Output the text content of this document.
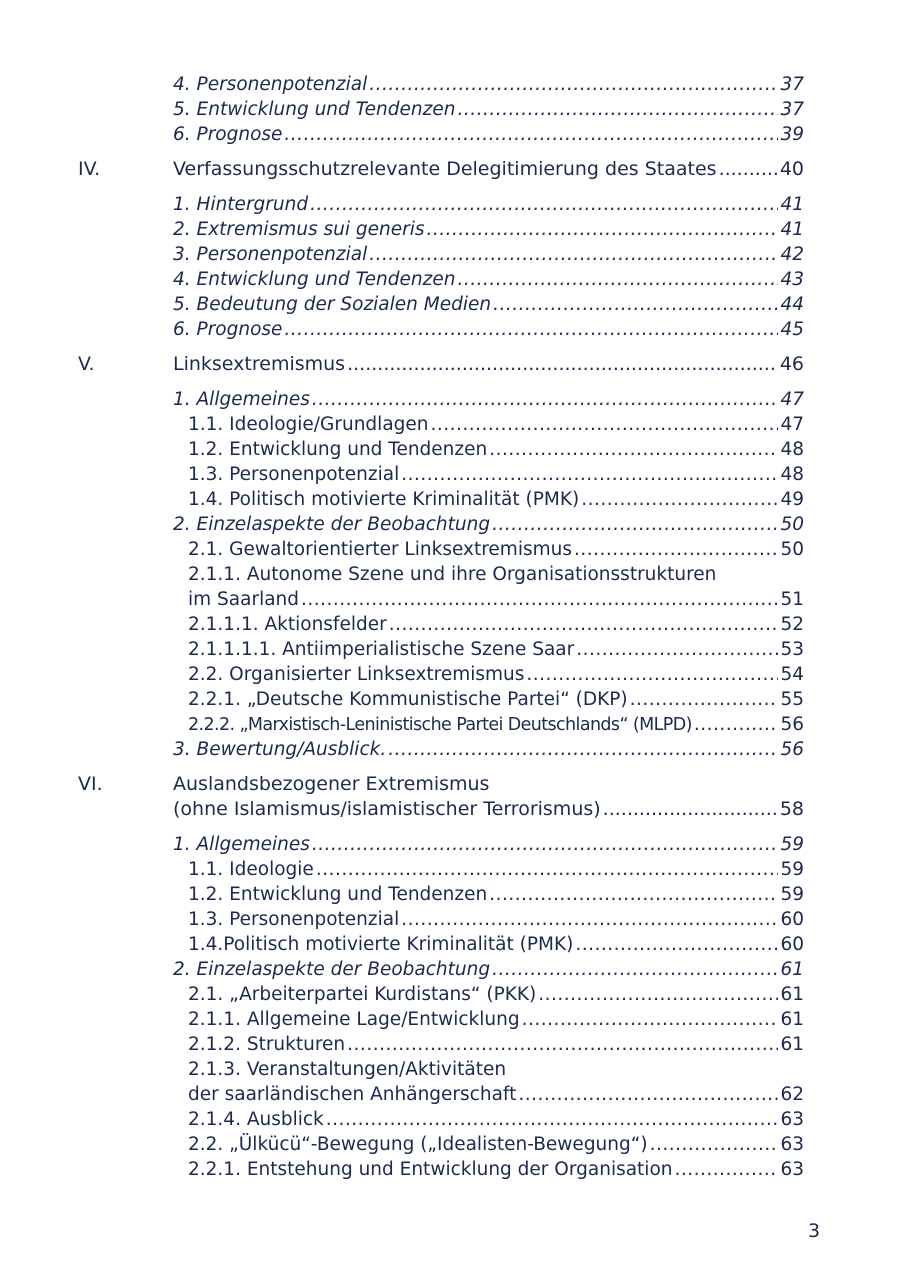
4. Personenpotenzial .....	37
5. Entwicklung und Tendenzen .....	37
6. Prognose .....	39
IV.	Verfassungsschutzrelevante Delegitimierung des Staates .....	40
1. Hintergrund .....	41
2. Extremismus sui generis .....	41
3. Personenpotenzial .....	42
4. Entwicklung und Tendenzen .....	43
5. Bedeutung der Sozialen Medien .....	44
6. Prognose .....	45
V.	Linksextremismus .....	46
1. Allgemeines .....	47
1.1. Ideologie/Grundlagen .....	47
1.2. Entwicklung und Tendenzen .....	48
1.3. Personenpotenzial .....	48
1.4. Politisch motivierte Kriminalität (PMK) .....	49
2. Einzelaspekte der Beobachtung .....	50
2.1. Gewaltorientierter Linksextremismus .....	50
2.1.1. Autonome Szene und ihre Organisationsstrukturen
im Saarland .....	51
2.1.1.1. Aktionsfelder .....	52
2.1.1.1.1. Antiimperialistische Szene Saar .....	53
2.2. Organisierter Linksextremismus .....	54
2.2.1. „Deutsche Kommunistische Partei“ (DKP) .....	55
2.2.2. „Marxistisch-Leninistische Partei Deutschlands“ (MLPD) .....	56
3. Bewertung/Ausblick. .....	56
VI.	Auslandsbezogener Extremismus
(ohne Islamismus/islamistischer Terrorismus) .....	58
1. Allgemeines .....	59
1.1. Ideologie .....	59
1.2. Entwicklung und Tendenzen .....	59
1.3. Personenpotenzial .....	60
1.4.Politisch motivierte Kriminalität (PMK) .....	60
2. Einzelaspekte der Beobachtung .....	61
2.1. „Arbeiterpartei Kurdistans“ (PKK) .....	61
2.1.1. Allgemeine Lage/Entwicklung .....	61
2.1.2. Strukturen .....	61
2.1.3. Veranstaltungen/Aktivitäten
der saarländischen Anhängerschaft .....	62
2.1.4. Ausblick .....	63
2.2. „Ülkücü“-Bewegung („Idealisten-Bewegung“) .....	63
2.2.1. Entstehung und Entwicklung der Organisation .....	63
3
